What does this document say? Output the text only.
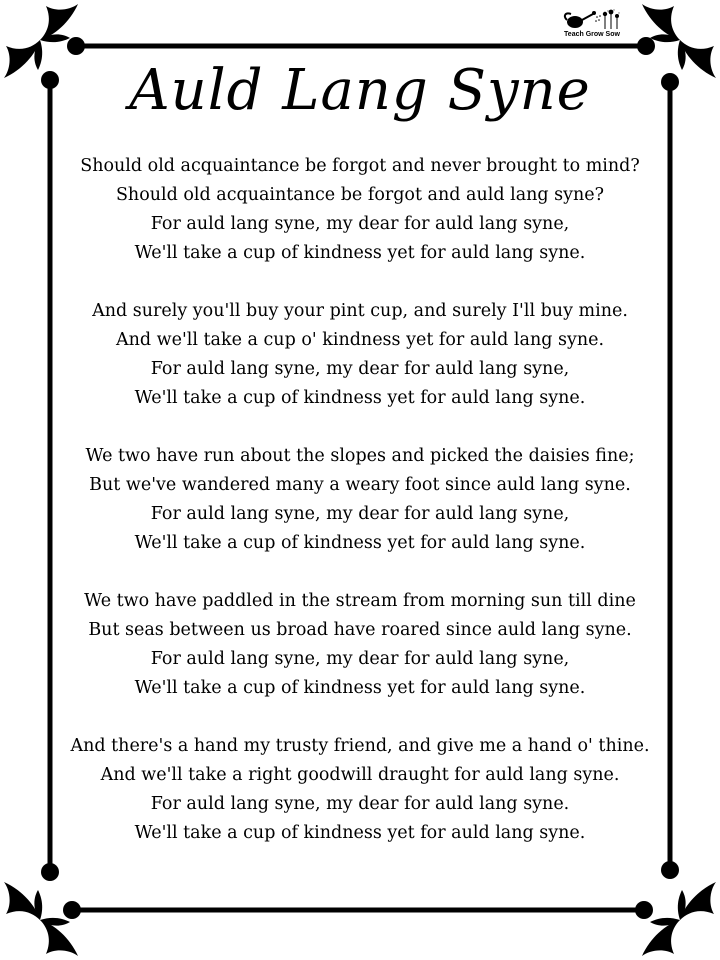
Teach Grow Sow
Auld Lang Syne
Should old acquaintance be forgot and never brought to mind?
Should old acquaintance be forgot and auld lang syne?
For auld lang syne, my dear for auld lang syne,
We'll take a cup of kindness yet for auld lang syne.
And surely you'll buy your pint cup, and surely I'll buy mine.
And we'll take a cup o' kindness yet for auld lang syne.
For auld lang syne, my dear for auld lang syne,
We'll take a cup of kindness yet for auld lang syne.
We two have run about the slopes and picked the daisies fine;
But we've wandered many a weary foot since auld lang syne.
For auld lang syne, my dear for auld lang syne,
We'll take a cup of kindness yet for auld lang syne.
We two have paddled in the stream from morning sun till dine
But seas between us broad have roared since auld lang syne.
For auld lang syne, my dear for auld lang syne,
We'll take a cup of kindness yet for auld lang syne.
And there's a hand my trusty friend, and give me a hand o' thine.
And we'll take a right goodwill draught for auld lang syne.
For auld lang syne, my dear for auld lang syne.
We'll take a cup of kindness yet for auld lang syne.
